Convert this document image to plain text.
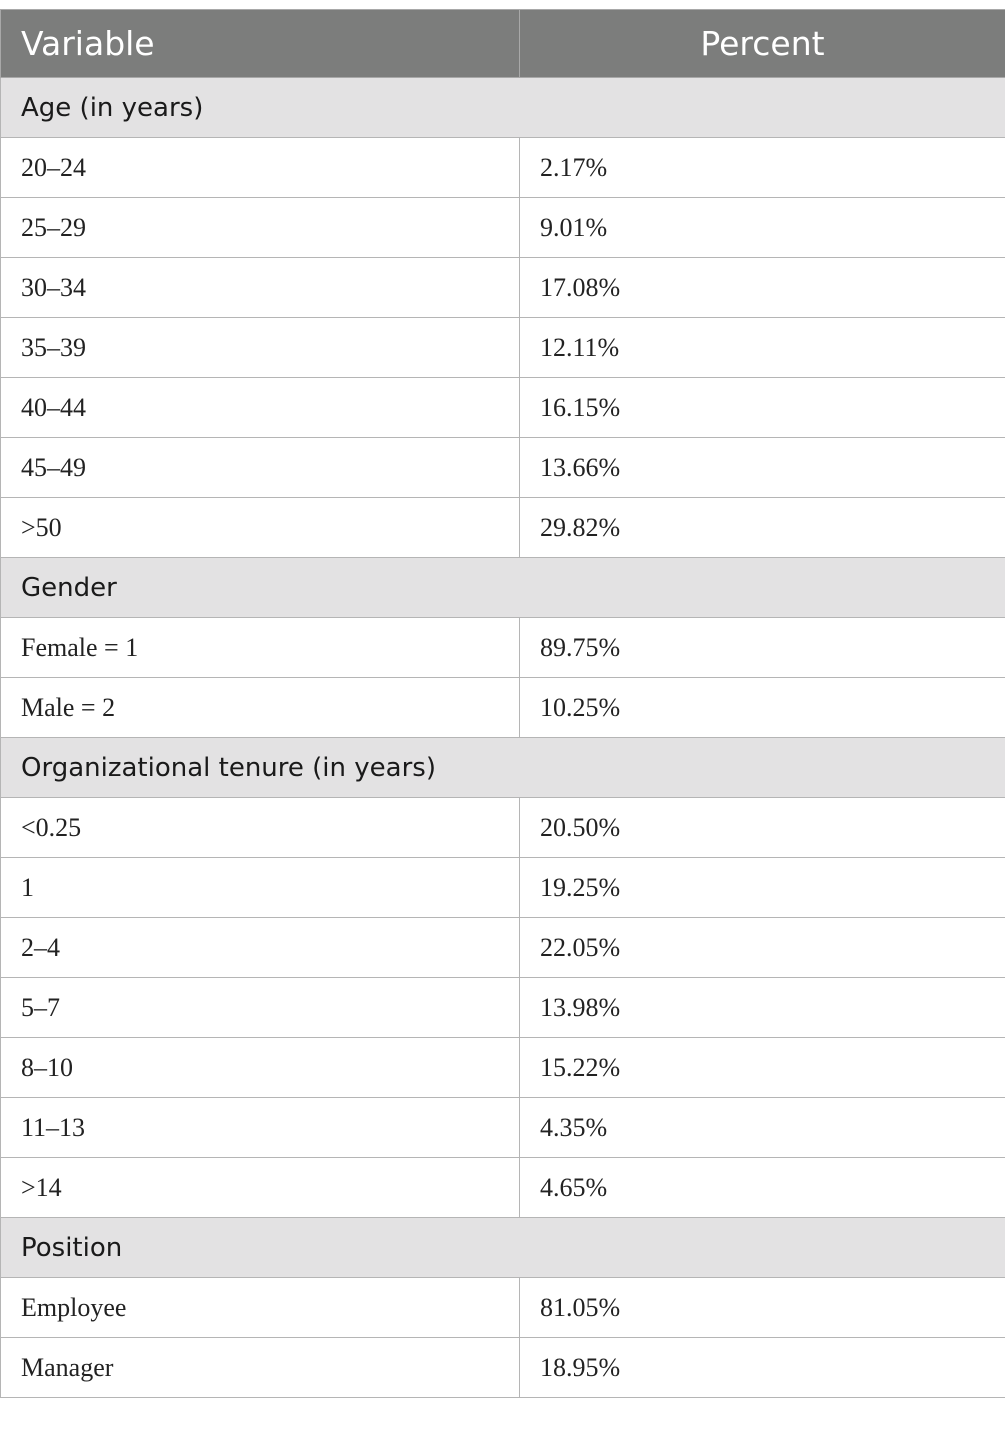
Variable	Percent
Age (in years)	
20–24	2.17%
25–29	9.01%
30–34	17.08%
35–39	12.11%
40–44	16.15%
45–49	13.66%
>50	29.82%
Gender	
Female = 1	89.75%
Male = 2	10.25%
Organizational tenure (in years)	
<0.25	20.50%
1	19.25%
2–4	22.05%
5–7	13.98%
8–10	15.22%
11–13	4.35%
>14	4.65%
Position	
Employee	81.05%
Manager	18.95%
